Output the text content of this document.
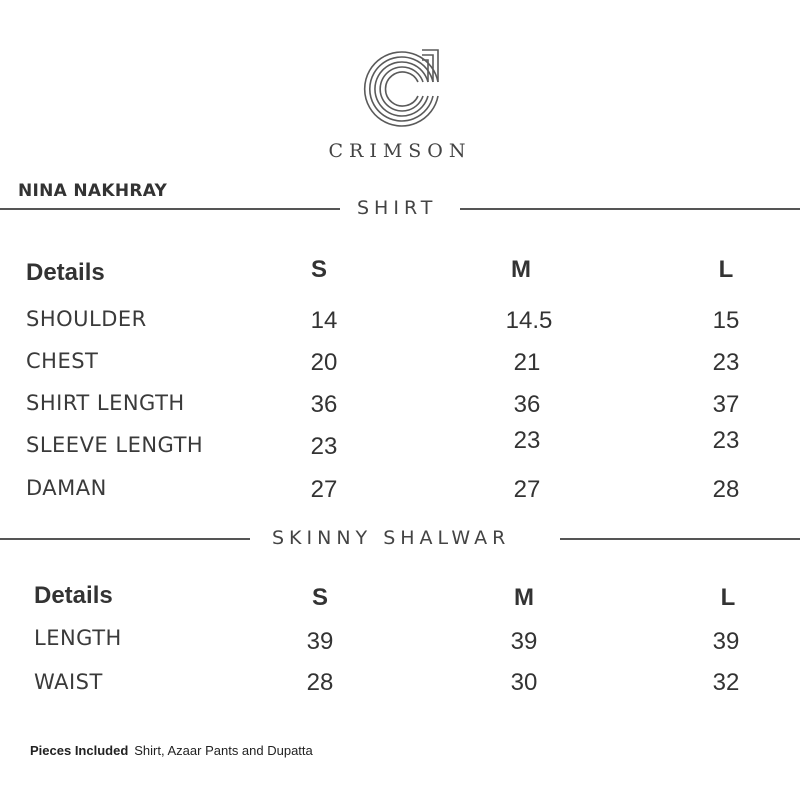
CRIMSON
NINA NAKHRAY
SHIRT
Details	S	M	L
SHOULDER	14	14.5	15
CHEST	20	21	23
SHIRT LENGTH	36	36	37
SLEEVE LENGTH	23	23	23
DAMAN	27	27	28
SKINNY SHALWAR
Details	S	M	L
LENGTH	39	39	39
WAIST	28	30	32
Pieces Included Shirt, Azaar Pants and Dupatta
